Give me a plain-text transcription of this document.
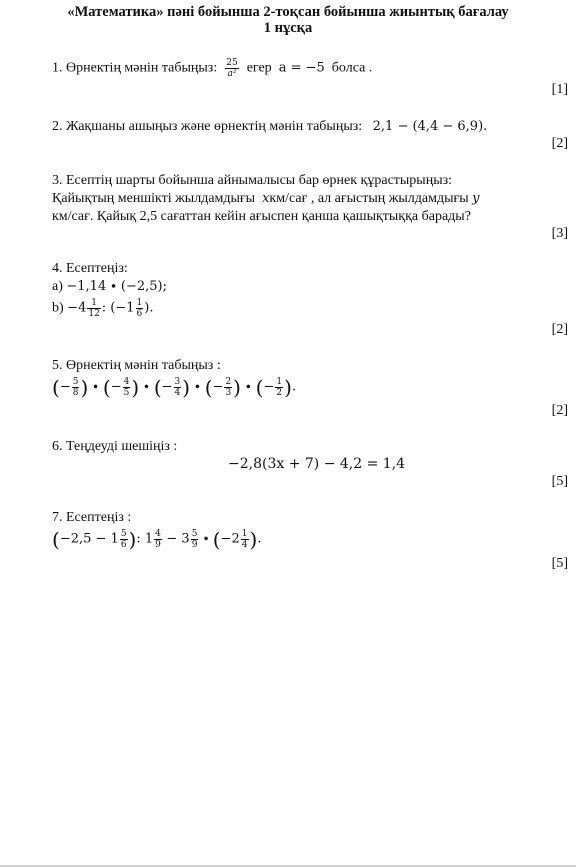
«Математика» пәні бойынша 2-тоқсан бойынша жиынтық бағалау
1 нұсқа
1. Өрнектің мәнін табыңыз: $\frac{25}{\text{a²}}$ егер a = −5 болса .
[1]
2. Жақшаны ашыңыз және өрнектің мәнін табыңыз: 2,1 − (4,4 − 6,9).
[2]
3. Есептің шарты бойынша айнымалысы бар өрнек құрастырыңыз:
Қайықтың меншікті жылдамдығы xкм/сағ , ал ағыстың жылдамдығы y
км/сағ. Қайық 2,5 сағаттан кейін ағыспен қанша қашықтыққа барады?
[3]
4. Есептеңіз:
а) −1,14 ∙ (−2,5);
$b) -4 \frac{1}{12}$ : ($-1 \frac{1}{6}$ ).
[2]
5. Өрнектің мәнін табыңыз :
(− $\frac{5}{8}$ ) ∙ (− $\frac{4}{5}$ ) ∙ (− $\frac{3}{4}$ ) ∙ (− $\frac{2}{3}$ ) ∙ (− $\frac{1}{2}$ ).
[2]
6. Теңдеуді шешіңіз :
−2,8(3x + 7) − 4,2 = 1,4
[5]
7. Есептеңіз :
($-2,5 - 1 \frac{5}{6}$ ): $1 \frac{4}{9} - 3 \frac{5}{9} \cdot (-2 \frac{1}{4}$ ).
[5]
